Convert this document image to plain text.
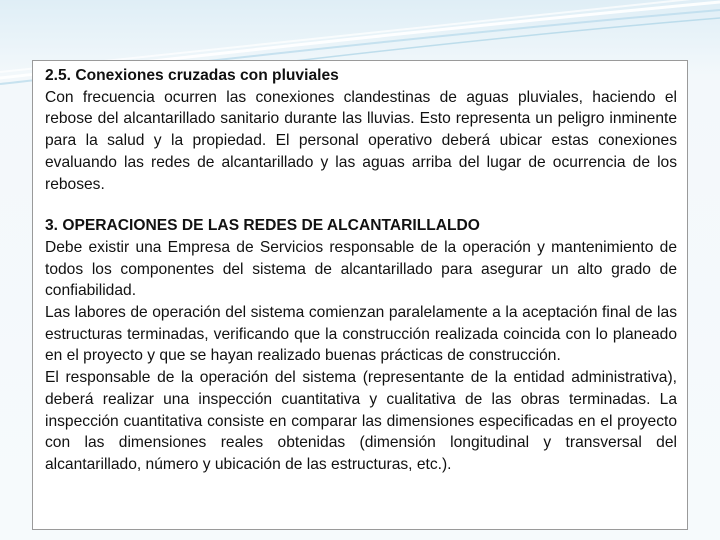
2.5. Conexiones cruzadas con pluviales

Con frecuencia ocurren las conexiones clandestinas de aguas pluviales, haciendo el rebose del alcantarillado sanitario durante las lluvias. Esto representa un peligro inminente para la salud y la propiedad. El personal operativo deberá ubicar estas conexiones evaluando las redes de alcantarillado y las aguas arriba del lugar de ocurrencia de los reboses.

3. OPERACIONES DE LAS REDES DE ALCANTARILLALDO

Debe existir una Empresa de Servicios responsable de la operación y mantenimiento de todos los componentes del sistema de alcantarillado para asegurar un alto grado de confiabilidad.

Las labores de operación del sistema comienzan paralelamente a la aceptación final de las estructuras terminadas, verificando que la construcción realizada coincida con lo planeado en el proyecto y que se hayan realizado buenas prácticas de construcción.

El responsable de la operación del sistema (representante de la entidad administrativa), deberá realizar una inspección cuantitativa y cualitativa de las obras terminadas. La inspección cuantitativa consiste en comparar las dimensiones especificadas en el proyecto con las dimensiones reales obtenidas (dimensión longitudinal y transversal del alcantarillado, número y ubicación de las estructuras, etc.).
